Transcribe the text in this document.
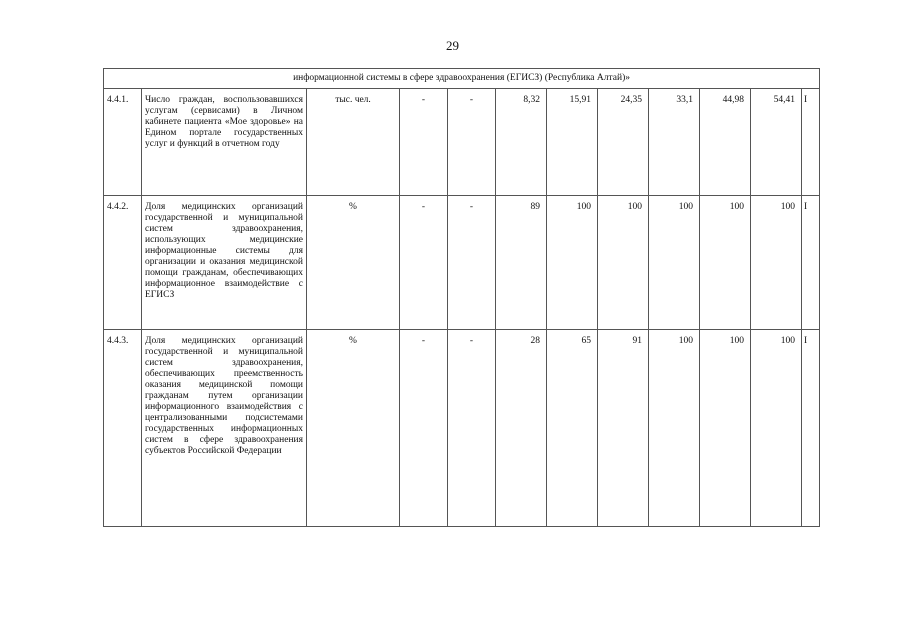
29
информационной системы в сфере здравоохранения (ЕГИСЗ) (Республика Алтай)»											
4.4.1.	Число граждан, воспользовавшихся услугам (сервисами) в Личном кабинете пациента «Мое здоровье» на Едином портале государственных услуг и функций в отчетном году	тыс. чел.	-	-	8,32	15,91	24,35	33,1	44,98	54,41	I
4.4.2.	Доля медицинских организаций государственной и муниципальной систем здравоохранения, использующих медицинские информационные системы для организации и оказания медицинской помощи гражданам, обеспечивающих информационное взаимодействие с ЕГИСЗ	%	-	-	89	100	100	100	100	100	I
4.4.3.	Доля медицинских организаций государственной и муниципальной систем здравоохранения, обеспечивающих преемственность оказания медицинской помощи гражданам путем организации информационного взаимодействия с централизованными подсистемами государственных информационных систем в сфере здравоохранения субъектов Российской Федерации	%	-	-	28	65	91	100	100	100	I
